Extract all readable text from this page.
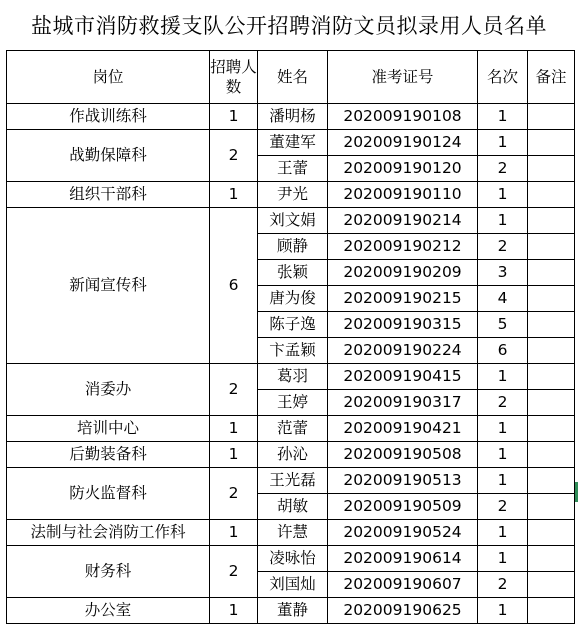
盐城市消防救援支队公开招聘消防文员拟录用人员名单
岗位	招聘人数	姓名	准考证号	名次	备注
作战训练科	1	潘明杨	202009190108	1	
战勤保障科	2	董建军	202009190124	1	
		王蕾	202009190120	2	
组织干部科	1	尹光	202009190110	1	
新闻宣传科	6	刘文娟	202009190214	1	
		顾静	202009190212	2	
		张颖	202009190209	3	
		唐为俊	202009190215	4	
		陈子逸	202009190315	5	
		卞孟颖	202009190224	6	
消委办	2	葛羽	202009190415	1	
		王婷	202009190317	2	
培训中心	1	范蕾	202009190421	1	
后勤装备科	1	孙沁	202009190508	1	
防火监督科	2	王光磊	202009190513	1	
		胡敏	202009190509	2	
法制与社会消防工作科	1	许慧	202009190524	1	
财务科	2	凌咏怡	202009190614	1	
		刘国灿	202009190607	2	
办公室	1	董静	202009190625	1	
